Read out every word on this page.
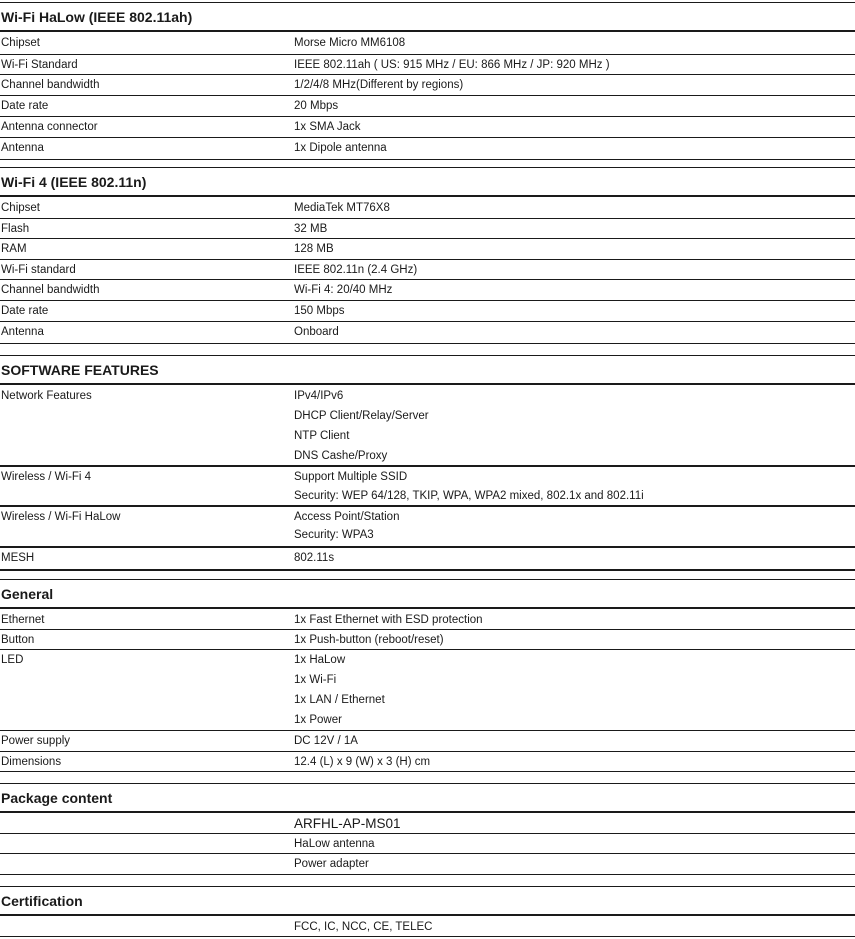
Wi-Fi HaLow (IEEE 802.11ah)
Chipset	Morse Micro MM6108
Wi-Fi Standard	IEEE 802.11ah ( US: 915 MHz / EU: 866 MHz / JP: 920 MHz )
Channel bandwidth	1/2/4/8 MHz(Different by regions)
Date rate	20 Mbps
Antenna connector	1x SMA Jack
Antenna	1x Dipole antenna
Wi-Fi 4 (IEEE 802.11n)
Chipset	MediaTek MT76X8
Flash	32 MB
RAM	128 MB
Wi-Fi standard	IEEE 802.11n (2.4 GHz)
Channel bandwidth	Wi-Fi 4: 20/40 MHz
Date rate	150 Mbps
Antenna	Onboard
SOFTWARE FEATURES
Network Features	IPv4/IPv6
DHCP Client/Relay/Server
NTP Client
DNS Cashe/Proxy
Wireless / Wi-Fi 4	Support Multiple SSID
Security: WEP 64/128, TKIP, WPA, WPA2 mixed, 802.1x and 802.11i
Wireless / Wi-Fi HaLow	Access Point/Station
Security: WPA3
MESH	802.11s
General
Ethernet	1x Fast Ethernet with ESD protection
Button	1x Push-button (reboot/reset)
LED	1x HaLow
1x Wi-Fi
1x LAN / Ethernet
1x Power
Power supply	DC 12V / 1A
Dimensions	12.4 (L) x 9 (W) x 3 (H) cm
Package content
ARFHL-AP-MS01
HaLow antenna
Power adapter
Certification
FCC, IC, NCC, CE, TELEC
